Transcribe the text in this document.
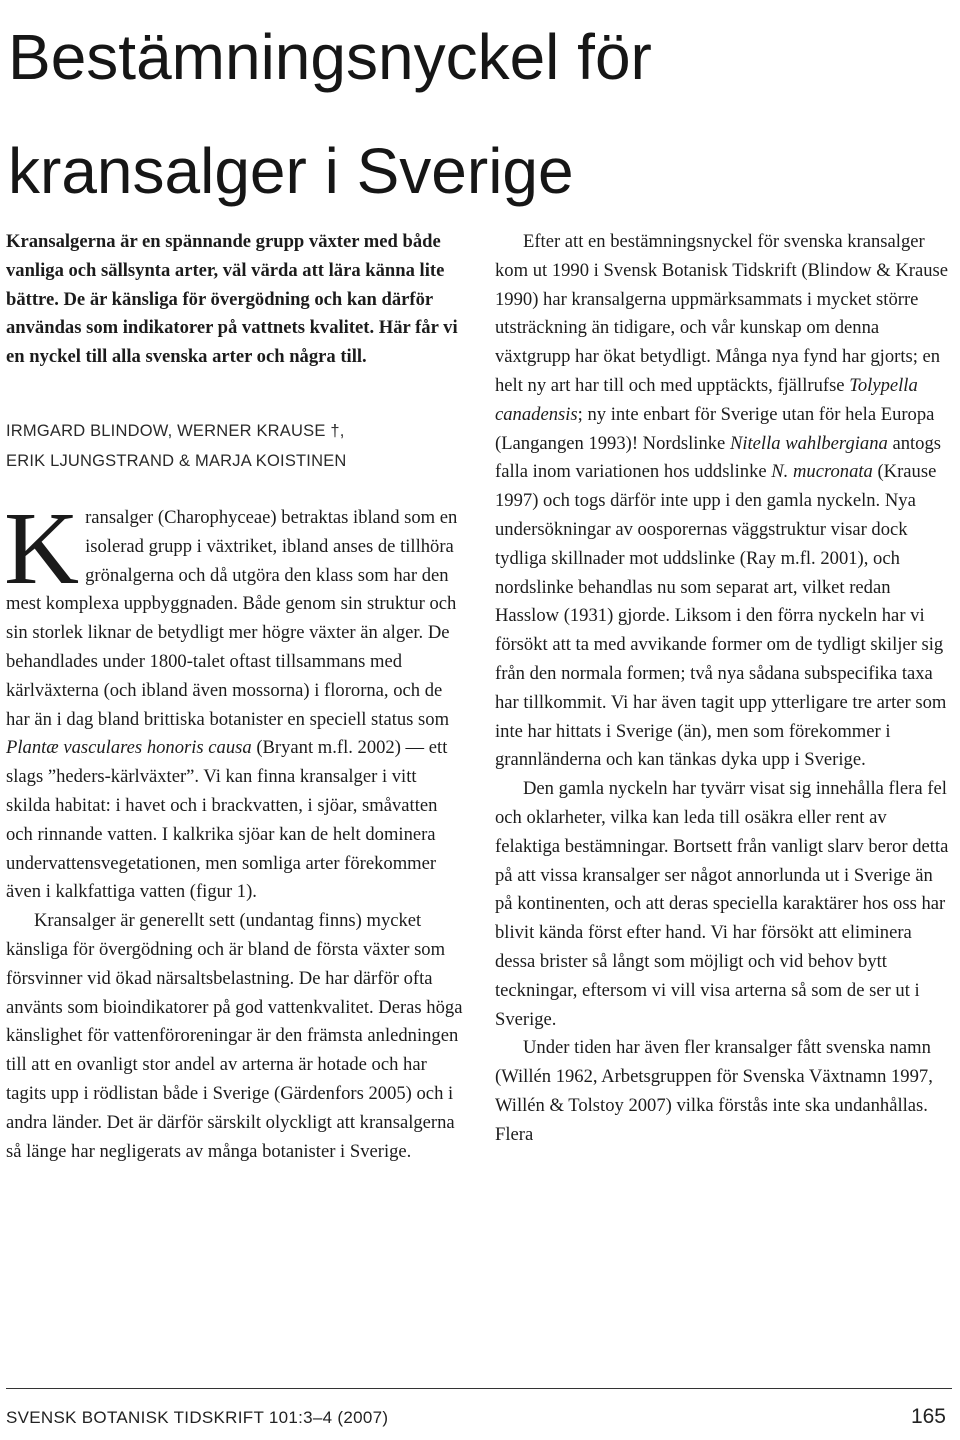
Bestämningsnyckel för kransalger i Sverige

Kransalgerna är en spännande grupp växter med både vanliga och sällsynta arter, väl värda att lära känna lite bättre. De är känsliga för övergödning och kan därför användas som indikatorer på vattnets kvalitet. Här får vi en nyckel till alla svenska arter och några till.

IRMGARD BLINDOW, WERNER KRAUSE †,
ERIK LJUNGSTRAND & MARJA KOISTINEN

Kransalger (Charophyceae) betraktas ibland som en isolerad grupp i växtriket, ibland anses de tillhöra grönalgerna och då utgöra den klass som har den mest komplexa uppbyggnaden. Både genom sin struktur och sin storlek liknar de betydligt mer högre växter än alger. De behandlades under 1800-talet oftast tillsammans med kärlväxterna (och ibland även mossorna) i flororna, och de har än i dag bland brittiska botanister en speciell status som Plantæ vasculares honoris causa (Bryant m.fl. 2002) — ett slags ”heders-kärlväxter”. Vi kan finna kransalger i vitt skilda habitat: i havet och i brackvatten, i sjöar, småvatten och rinnande vatten. I kalkrika sjöar kan de helt dominera undervattensvegetationen, men somliga arter förekommer även i kalkfattiga vatten (figur 1).

Kransalger är generellt sett (undantag finns) mycket känsliga för övergödning och är bland de första växter som försvinner vid ökad närsaltsbelastning. De har därför ofta använts som bioindikatorer på god vattenkvalitet. Deras höga känslighet för vattenföroreningar är den främsta anledningen till att en ovanligt stor andel av arterna är hotade och har tagits upp i rödlistan både i Sverige (Gärdenfors 2005) och i andra länder. Det är därför särskilt olyckligt att kransalgerna så länge har negligerats av många botanister i Sverige.

Efter att en bestämningsnyckel för svenska kransalger kom ut 1990 i Svensk Botanisk Tidskrift (Blindow & Krause 1990) har kransalgerna uppmärksammats i mycket större utsträckning än tidigare, och vår kunskap om denna växtgrupp har ökat betydligt. Många nya fynd har gjorts; en helt ny art har till och med upptäckts, fjällrufse Tolypella canadensis; ny inte enbart för Sverige utan för hela Europa (Langangen 1993)! Nordslinke Nitella wahlbergiana antogs falla inom variationen hos uddslinke N. mucronata (Krause 1997) och togs därför inte upp i den gamla nyckeln. Nya undersökningar av oosporernas väggstruktur visar dock tydliga skillnader mot uddslinke (Ray m.fl. 2001), och nordslinke behandlas nu som separat art, vilket redan Hasslow (1931) gjorde. Liksom i den förra nyckeln har vi försökt att ta med avvikande former om de tydligt skiljer sig från den normala formen; två nya sådana subspecifika taxa har tillkommit. Vi har även tagit upp ytterligare tre arter som inte har hittats i Sverige (än), men som förekommer i grannländerna och kan tänkas dyka upp i Sverige.

Den gamla nyckeln har tyvärr visat sig innehålla flera fel och oklarheter, vilka kan leda till osäkra eller rent av felaktiga bestämningar. Bortsett från vanligt slarv beror detta på att vissa kransalger ser något annorlunda ut i Sverige än på kontinenten, och att deras speciella karaktärer hos oss har blivit kända först efter hand. Vi har försökt att eliminera dessa brister så långt som möjligt och vid behov bytt teckningar, eftersom vi vill visa arterna så som de ser ut i Sverige.

Under tiden har även fler kransalger fått svenska namn (Willén 1962, Arbetsgruppen för Svenska Växtnamn 1997, Willén & Tolstoy 2007) vilka förstås inte ska undanhållas. Flera

SVENSK BOTANISK TIDSKRIFT 101:3–4 (2007)	165
